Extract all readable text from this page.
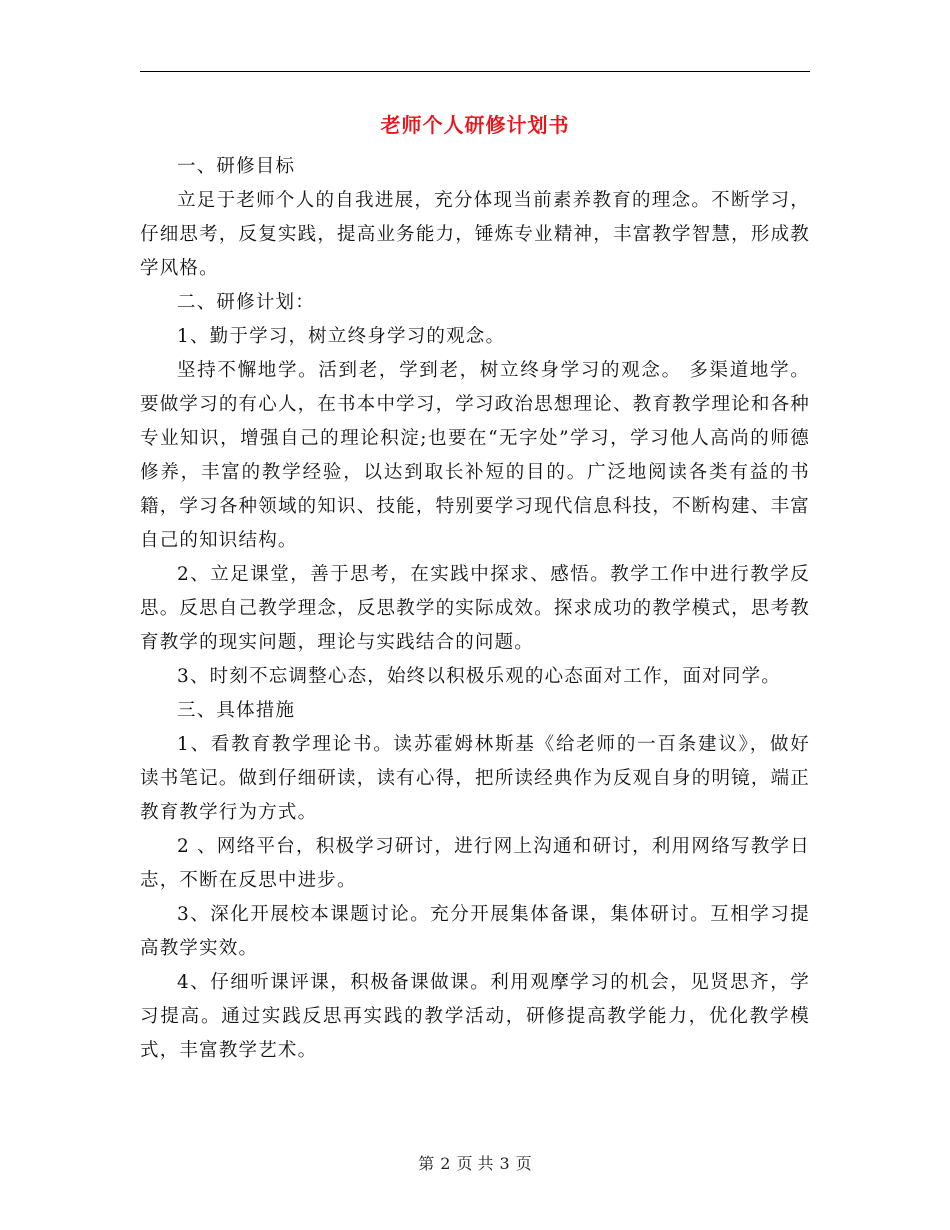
老师个人研修计划书

一、研修目标

立足于老师个人的自我进展，充分体现当前素养教育的理念。不断学习，仔细思考，反复实践，提高业务能力，锤炼专业精神，丰富教学智慧，形成教学风格。

二、研修计划：

1、勤于学习，树立终身学习的观念。

坚持不懈地学。活到老，学到老，树立终身学习的观念。 多渠道地学。要做学习的有心人，在书本中学习，学习政治思想理论、教育教学理论和各种专业知识，增强自己的理论积淀;也要在“无字处”学习，学习他人高尚的师德修养，丰富的教学经验，以达到取长补短的目的。广泛地阅读各类有益的书籍，学习各种领域的知识、技能，特别要学习现代信息科技，不断构建、丰富自己的知识结构。

2、立足课堂，善于思考，在实践中探求、感悟。教学工作中进行教学反思。反思自己教学理念，反思教学的实际成效。探求成功的教学模式，思考教育教学的现实问题，理论与实践结合的问题。

3、时刻不忘调整心态，始终以积极乐观的心态面对工作，面对同学。

三、具体措施

1、看教育教学理论书。读苏霍姆林斯基《给老师的一百条建议》，做好读书笔记。做到仔细研读，读有心得，把所读经典作为反观自身的明镜，端正教育教学行为方式。

2 、网络平台，积极学习研讨，进行网上沟通和研讨，利用网络写教学日志，不断在反思中进步。

3、深化开展校本课题讨论。充分开展集体备课，集体研讨。互相学习提高教学实效。

4、仔细听课评课，积极备课做课。利用观摩学习的机会，见贤思齐，学习提高。通过实践反思再实践的教学活动，研修提高教学能力，优化教学模式，丰富教学艺术。

第 2 页 共 3 页
